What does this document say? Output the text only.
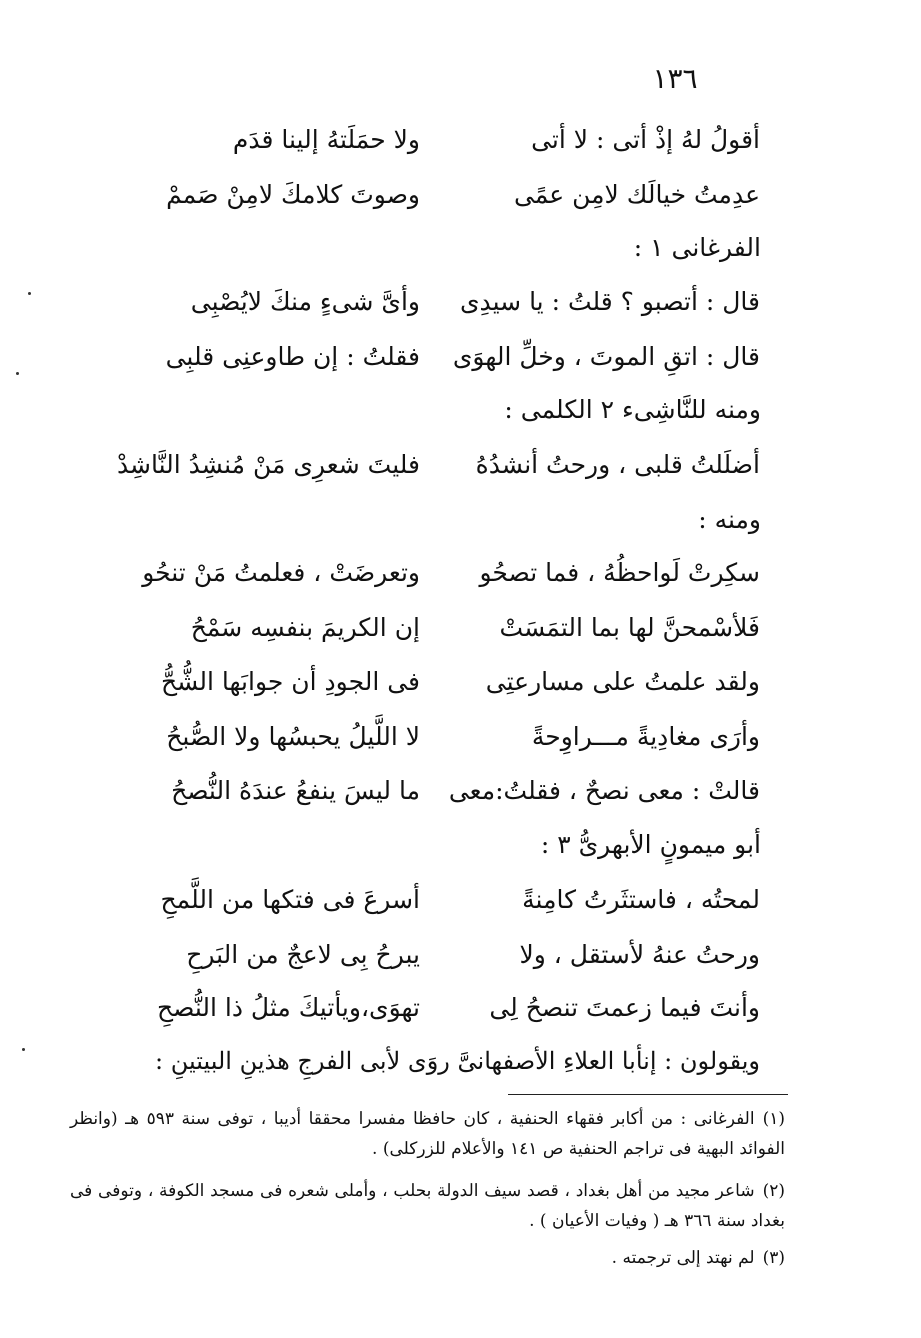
١٣٦
أقولُ لهُ إذْ أتى : لا أتى
ولا حمَلَتهُ إلينا قدَم
عدِمتُ خيالَك لامِن عمًى
وصوتَ كلامكَ لامِنْ صَممْ
الفرغانى ١ :
قال : أتصبو ؟ قلتُ : يا سيدِى
وأىَّ شىءٍ منكَ لايُصْبِى
قال : اتقِ الموتَ ، وخلِّ الهوَى
فقلتُ : إن طاوعنِى قلبِى
ومنه للنَّاشِىء ٢ الكلمى :
أضلَلتُ قلبى ، ورحتُ أنشدُهُ
فليتَ شعرِى مَنْ مُنشِدُ النَّاشِدْ
ومنه :
سكِرتْ لَواحظُهُ ، فما تصحُو
وتعرضَتْ ، فعلمتُ مَنْ تنحُو
فَلأسْمحنَّ لها بما التمَسَتْ
إن الكريمَ بنفسِه سَمْحُ
ولقد علمتُ على مسارعتِى
فى الجودِ أن جوابَها الشُّحُّ
وأرَى مغادِيةً مـــراوِحةً
لا اللَّيلُ يحبسُها ولا الصُّبحُ
قالتْ : معى نصحٌ ، فقلتُ:معى
ما ليسَ ينفعُ عندَهُ النُّصحُ
أبو ميمونٍ الأبهرىُّ ٣ :
لمحتُه ، فاستثَرتُ كامِنةً
أسرعَ فى فتكها من اللَّمحِ
ورحتُ عنهُ لأستقل ، ولا
يبرحُ بِى لاعجٌ من البَرحِ
وأنتَ فيما زعمتَ تنصحُ لِى
تهوَى،ويأتيكَ مثلُ ذا النُّصحِ
ويقولون : إنأبا العلاءِ الأصفهانىَّ روَى لأبى الفرجِ هذينِ البيتينِ :
(١)الفرغانى : من أكابر فقهاء الحنفية ، كان حافظا مفسرا محققا أديبا ، توفى سنة ٥٩٣ هـ (وانظر الفوائد البهية فى تراجم الحنفية ص ١٤١ والأعلام للزركلى) .
(٢)شاعر مجيد من أهل بغداد ، قصد سيف الدولة بحلب ، وأملى شعره فى مسجد الكوفة ، وتوفى فى بغداد سنة ٣٦٦ هـ ( وفيات الأعيان ) .
(٣)لم نهتد إلى ترجمته .
